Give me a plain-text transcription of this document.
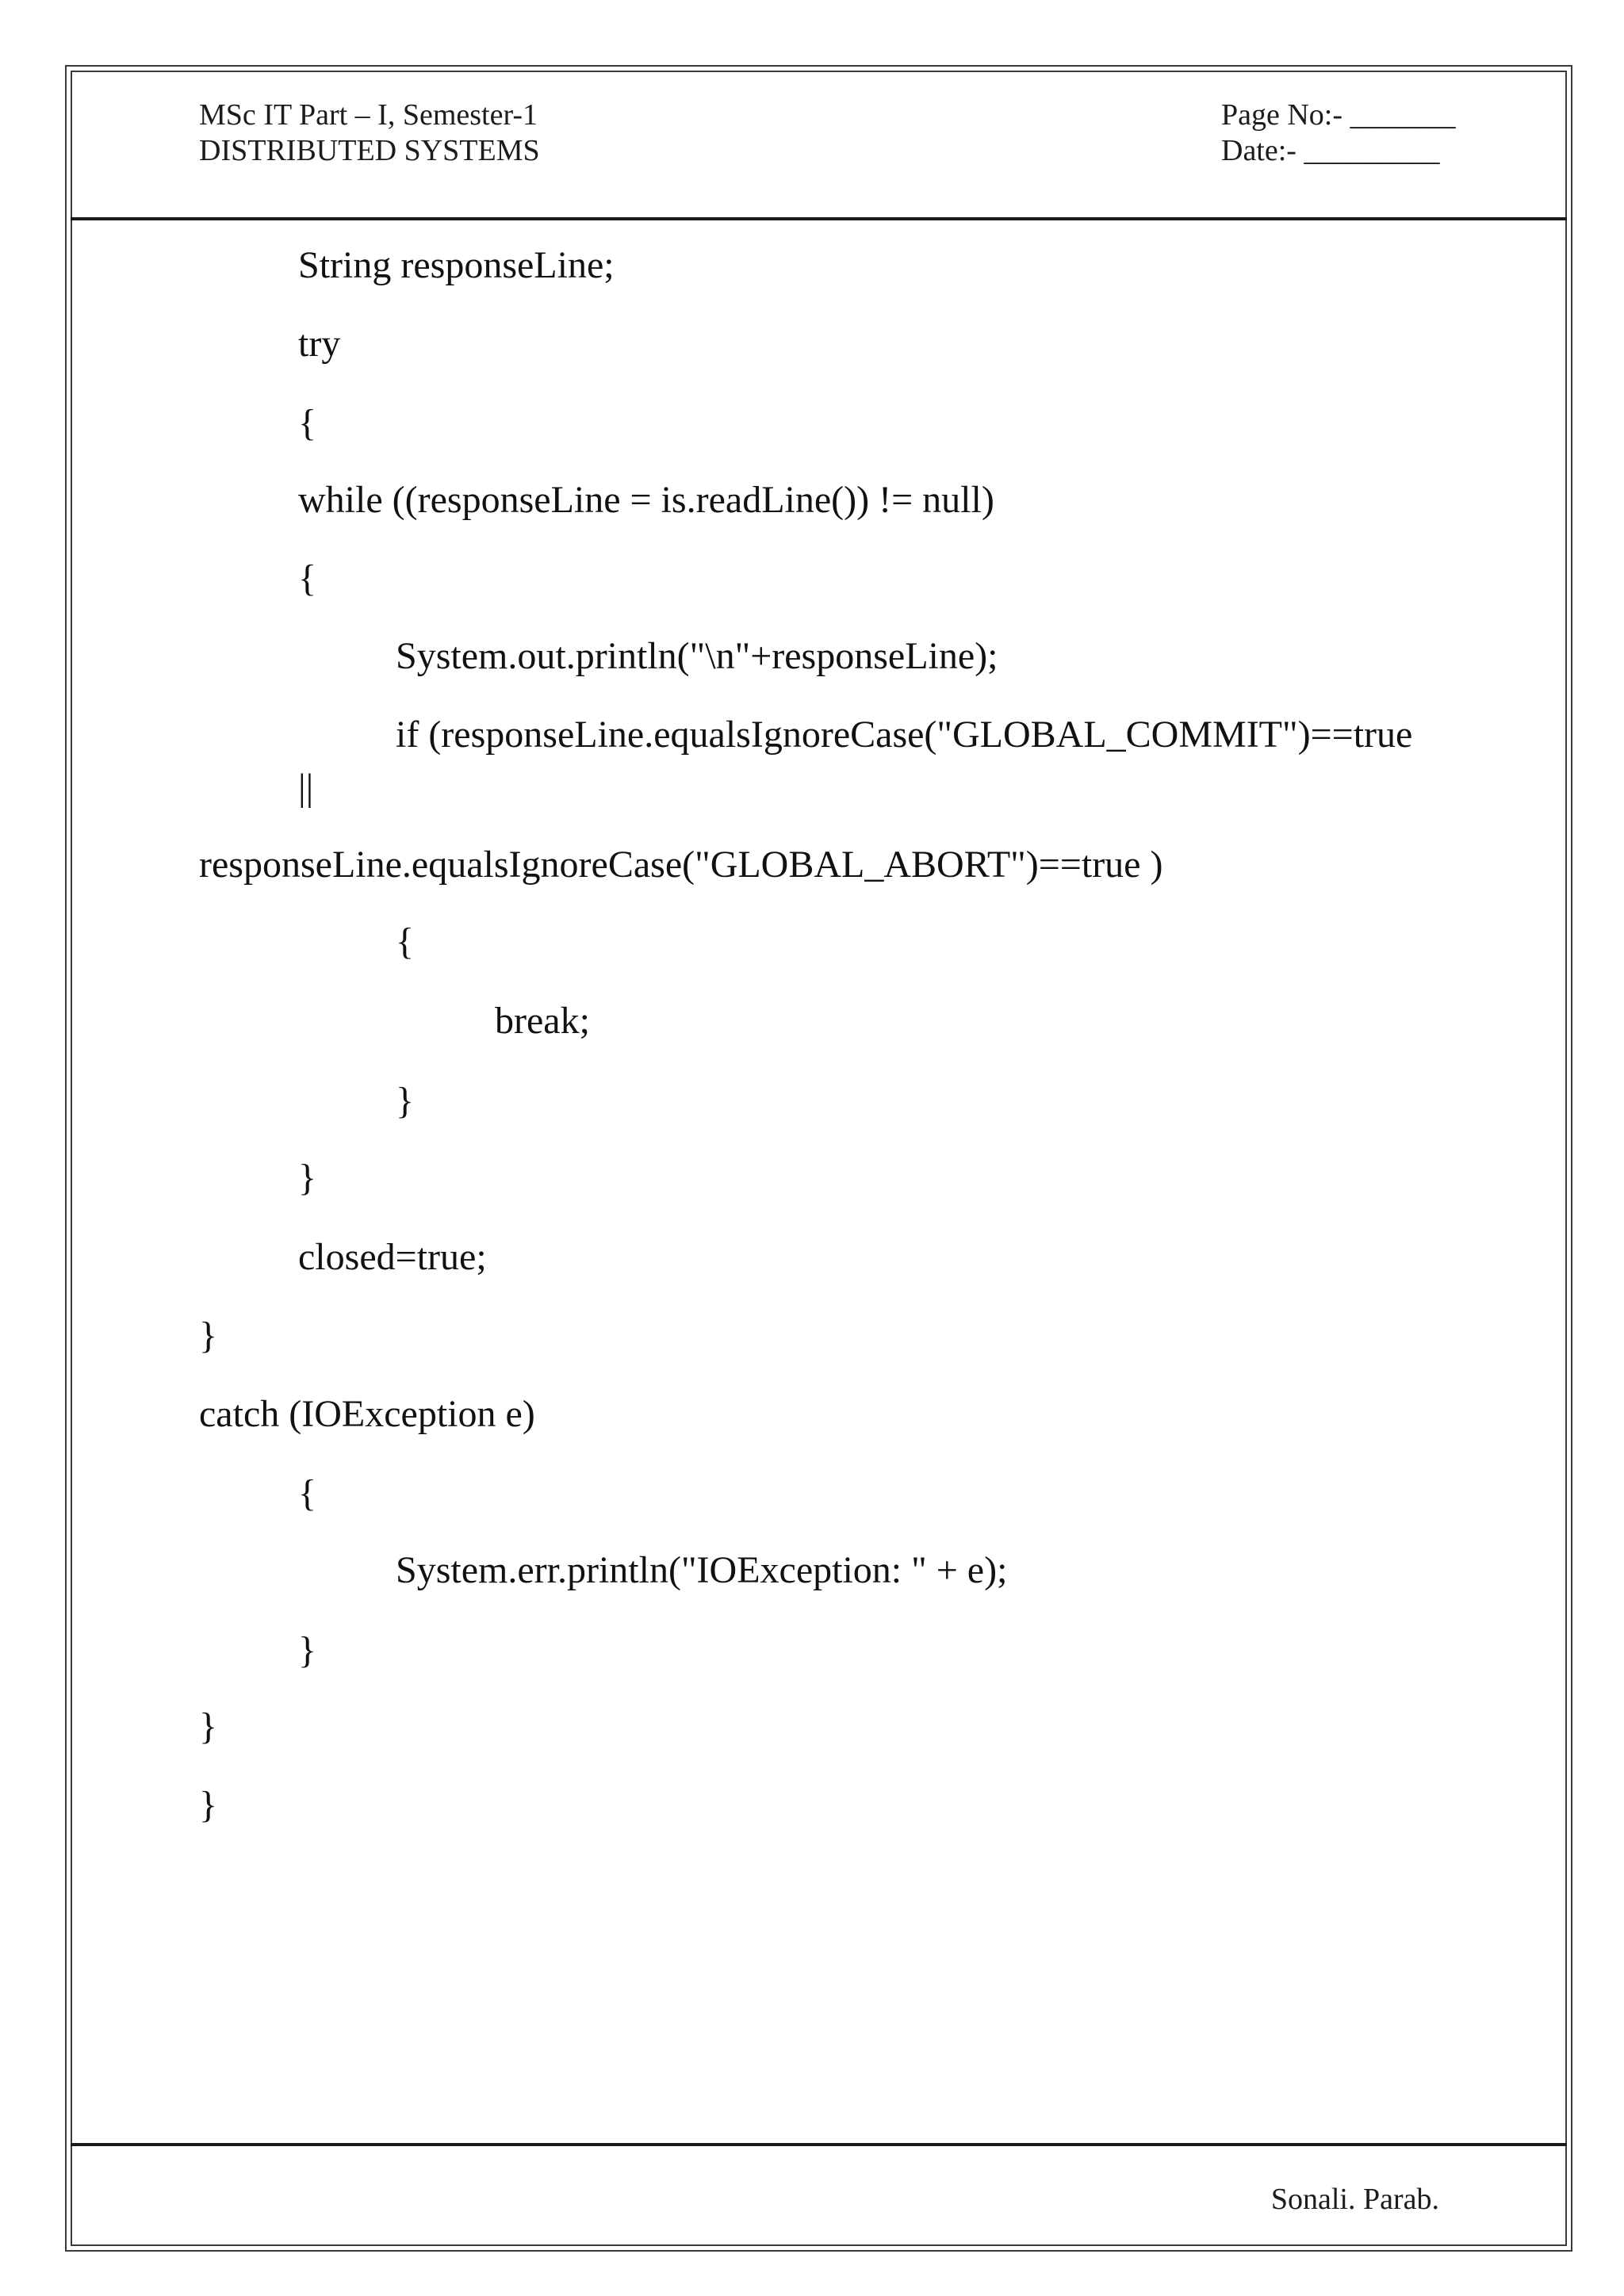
MSc IT Part – I, Semester-1
DISTRIBUTED SYSTEMS
Page No:- _______
Date:- _________
String responseLine;
try
{
while ((responseLine = is.readLine()) != null)
{
System.out.println("\n"+responseLine);
if (responseLine.equalsIgnoreCase("GLOBAL_COMMIT")==true
||
responseLine.equalsIgnoreCase("GLOBAL_ABORT")==true )
{
break;
}
}
closed=true;
}
catch (IOException e)
{
System.err.println("IOException: " + e);
}
}
}
Sonali. Parab.
